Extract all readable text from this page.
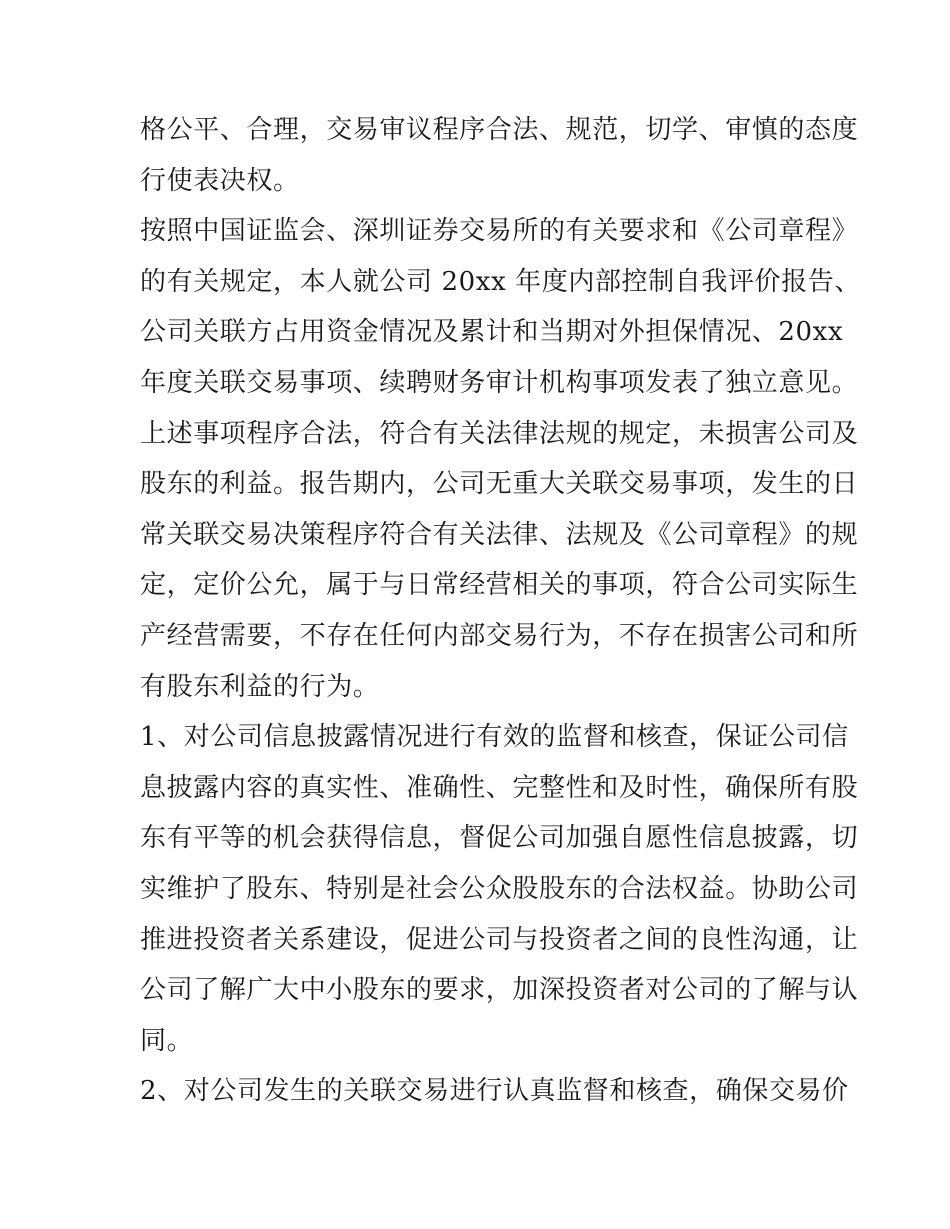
格公平、合理，交易审议程序合法、规范，切学、审慎的态度
行使表决权。
按照中国证监会、深圳证券交易所的有关要求和《公司章程》
的有关规定，本人就公司 20xx 年度内部控制自我评价报告、
公司关联方占用资金情况及累计和当期对外担保情况、20xx
年度关联交易事项、续聘财务审计机构事项发表了独立意见。
上述事项程序合法，符合有关法律法规的规定，未损害公司及
股东的利益。报告期内，公司无重大关联交易事项，发生的日
常关联交易决策程序符合有关法律、法规及《公司章程》的规
定，定价公允，属于与日常经营相关的事项，符合公司实际生
产经营需要，不存在任何内部交易行为，不存在损害公司和所
有股东利益的行为。
1、对公司信息披露情况进行有效的监督和核查，保证公司信
息披露内容的真实性、准确性、完整性和及时性，确保所有股
东有平等的机会获得信息，督促公司加强自愿性信息披露，切
实维护了股东、特别是社会公众股股东的合法权益。协助公司
推进投资者关系建设，促进公司与投资者之间的良性沟通，让
公司了解广大中小股东的要求，加深投资者对公司的了解与认
同。
2、对公司发生的关联交易进行认真监督和核查，确保交易价
